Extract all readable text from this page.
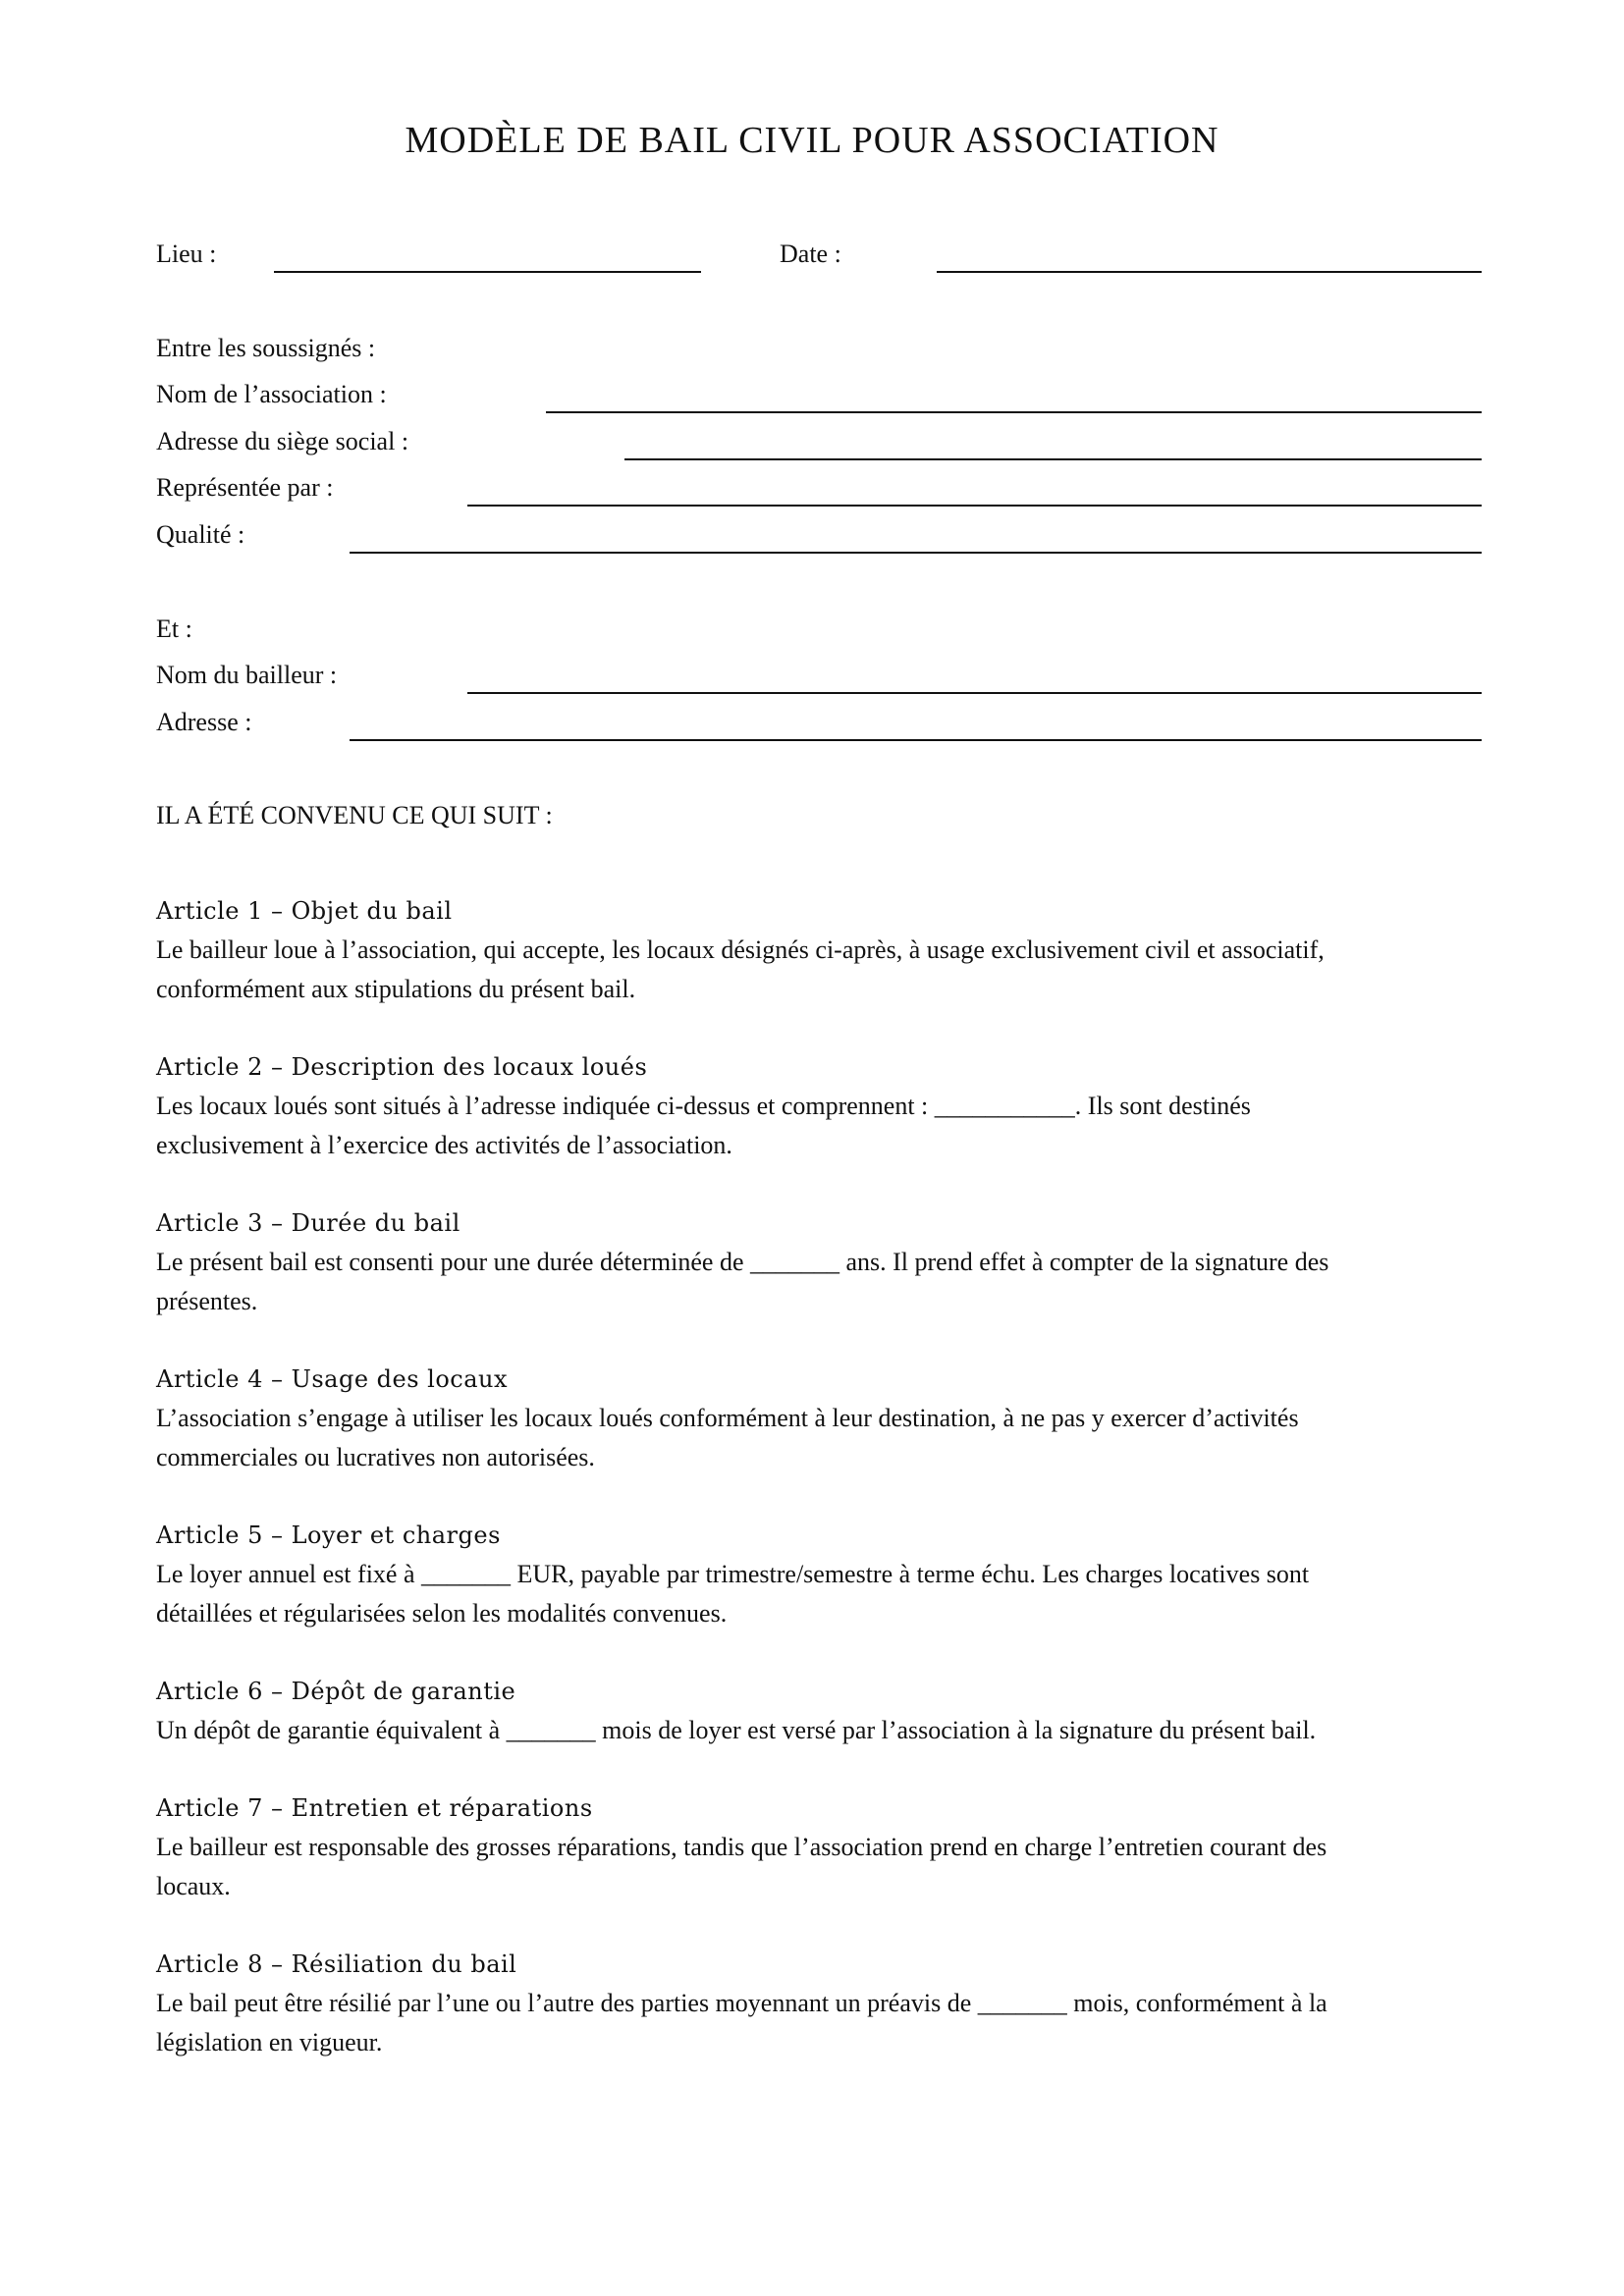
MODÈLE DE BAIL CIVIL POUR ASSOCIATION
Lieu :	Date :
Entre les soussignés :
Nom de l’association :
Adresse du siège social :
Représentée par :
Qualité :
Et :
Nom du bailleur :
Adresse :
IL A ÉTÉ CONVENU CE QUI SUIT :
Article 1 – Objet du bail
Le bailleur loue à l’association, qui accepte, les locaux désignés ci-après, à usage exclusivement civil et associatif,
conformément aux stipulations du présent bail.
Article 2 – Description des locaux loués
Les locaux loués sont situés à l’adresse indiquée ci-dessus et comprennent : ___________. Ils sont destinés
exclusivement à l’exercice des activités de l’association.
Article 3 – Durée du bail
Le présent bail est consenti pour une durée déterminée de _______ ans. Il prend effet à compter de la signature des
présentes.
Article 4 – Usage des locaux
L’association s’engage à utiliser les locaux loués conformément à leur destination, à ne pas y exercer d’activités
commerciales ou lucratives non autorisées.
Article 5 – Loyer et charges
Le loyer annuel est fixé à _______ EUR, payable par trimestre/semestre à terme échu. Les charges locatives sont
détaillées et régularisées selon les modalités convenues.
Article 6 – Dépôt de garantie
Un dépôt de garantie équivalent à _______ mois de loyer est versé par l’association à la signature du présent bail.
Article 7 – Entretien et réparations
Le bailleur est responsable des grosses réparations, tandis que l’association prend en charge l’entretien courant des
locaux.
Article 8 – Résiliation du bail
Le bail peut être résilié par l’une ou l’autre des parties moyennant un préavis de _______ mois, conformément à la
législation en vigueur.
